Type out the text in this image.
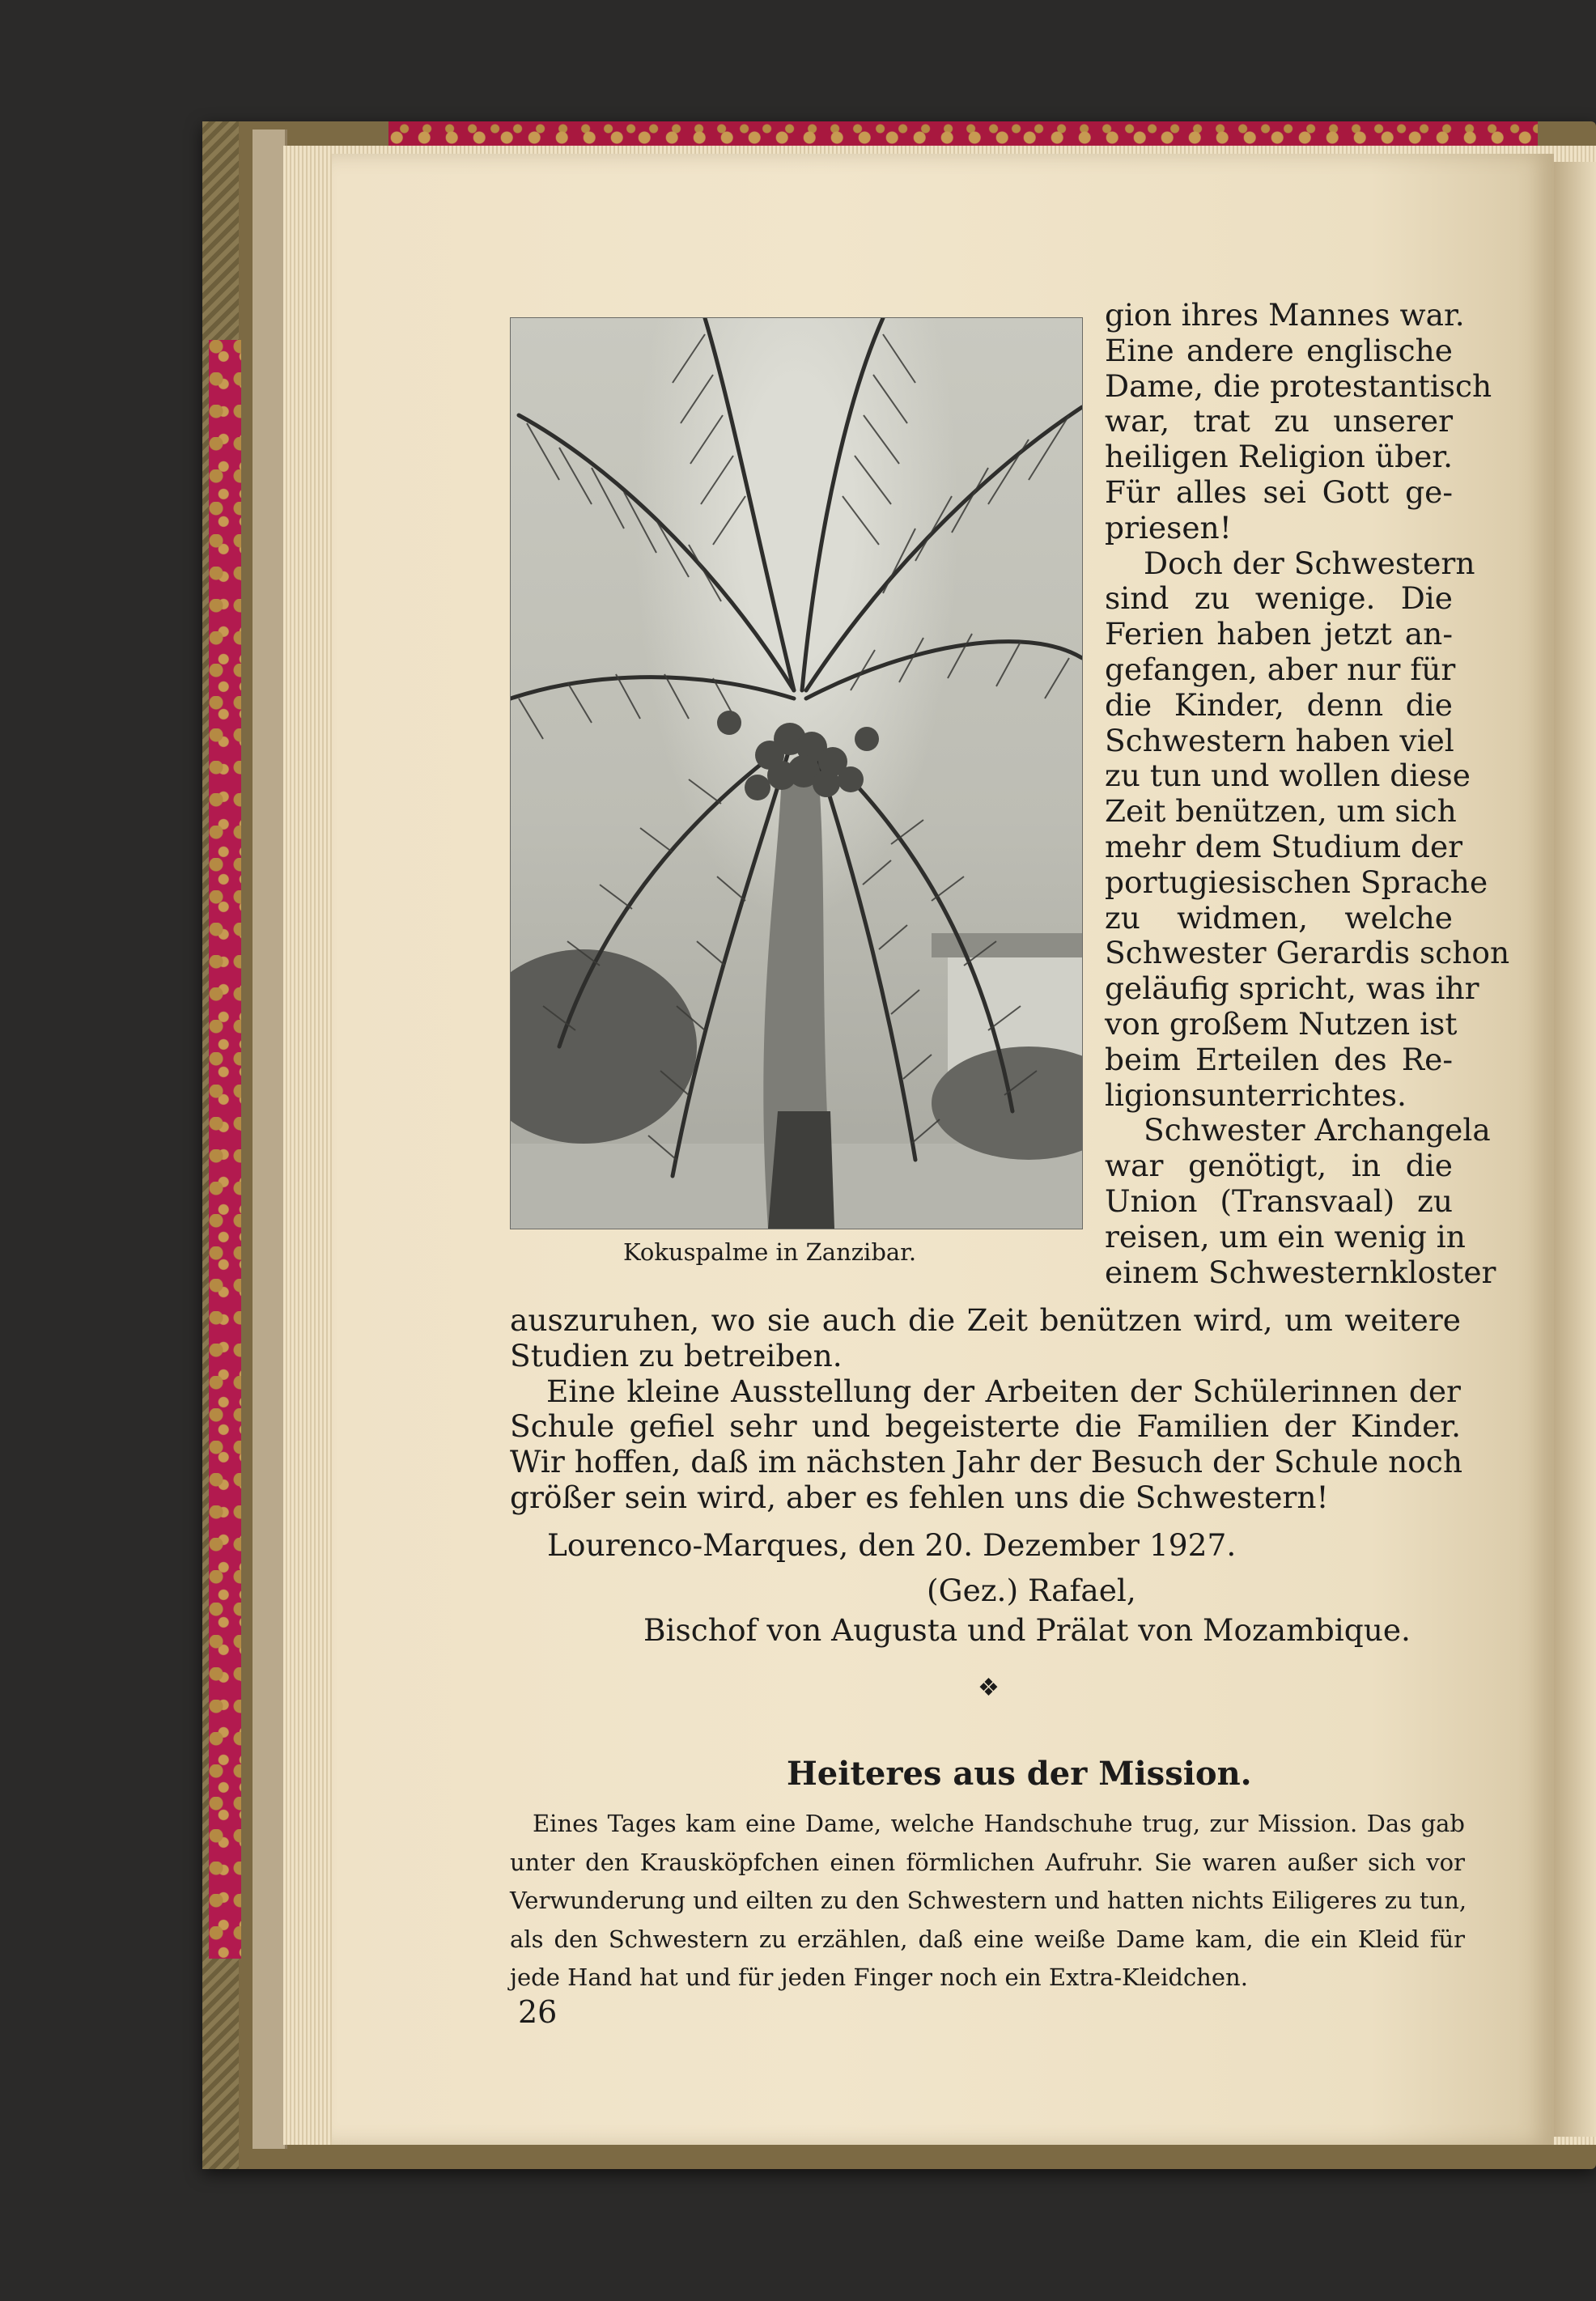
Kokuspalme in Zanzibar.
gion ihres Mannes war.
Eine andere englische
Dame, die protestantisch
war, trat zu unserer
heiligen Religion über.
Für alles sei Gott ge-
priesen!
Doch der Schwestern
sind zu wenige. Die
Ferien haben jetzt an-
gefangen, aber nur für
die Kinder, denn die
Schwestern haben viel
zu tun und wollen diese
Zeit benützen, um sich
mehr dem Studium der
portugiesischen Sprache
zu widmen, welche
Schwester Gerardis schon
geläufig spricht, was ihr
von großem Nutzen ist
beim Erteilen des Re-
ligionsunterrichtes.
Schwester Archangela
war genötigt, in die
Union (Transvaal) zu
reisen, um ein wenig in
einem Schwesternkloster
auszuruhen, wo sie auch die Zeit benützen wird, um weitere
Studien zu betreiben.
Eine kleine Ausstellung der Arbeiten der Schülerinnen der
Schule gefiel sehr und begeisterte die Familien der Kinder.
Wir hoffen, daß im nächsten Jahr der Besuch der Schule noch
größer sein wird, aber es fehlen uns die Schwestern!
Lourenco-Marques, den 20. Dezember 1927.
(Gez.) Rafael,
Bischof von Augusta und Prälat von Mozambique.
❖
Heiteres aus der Mission.
Eines Tages kam eine Dame, welche Handschuhe trug, zur Mission. Das gab
unter den Krausköpfchen einen förmlichen Aufruhr. Sie waren außer sich vor
Verwunderung und eilten zu den Schwestern und hatten nichts Eiligeres zu tun,
als den Schwestern zu erzählen, daß eine weiße Dame kam, die ein Kleid für
jede Hand hat und für jeden Finger noch ein Extra-Kleidchen.
26
